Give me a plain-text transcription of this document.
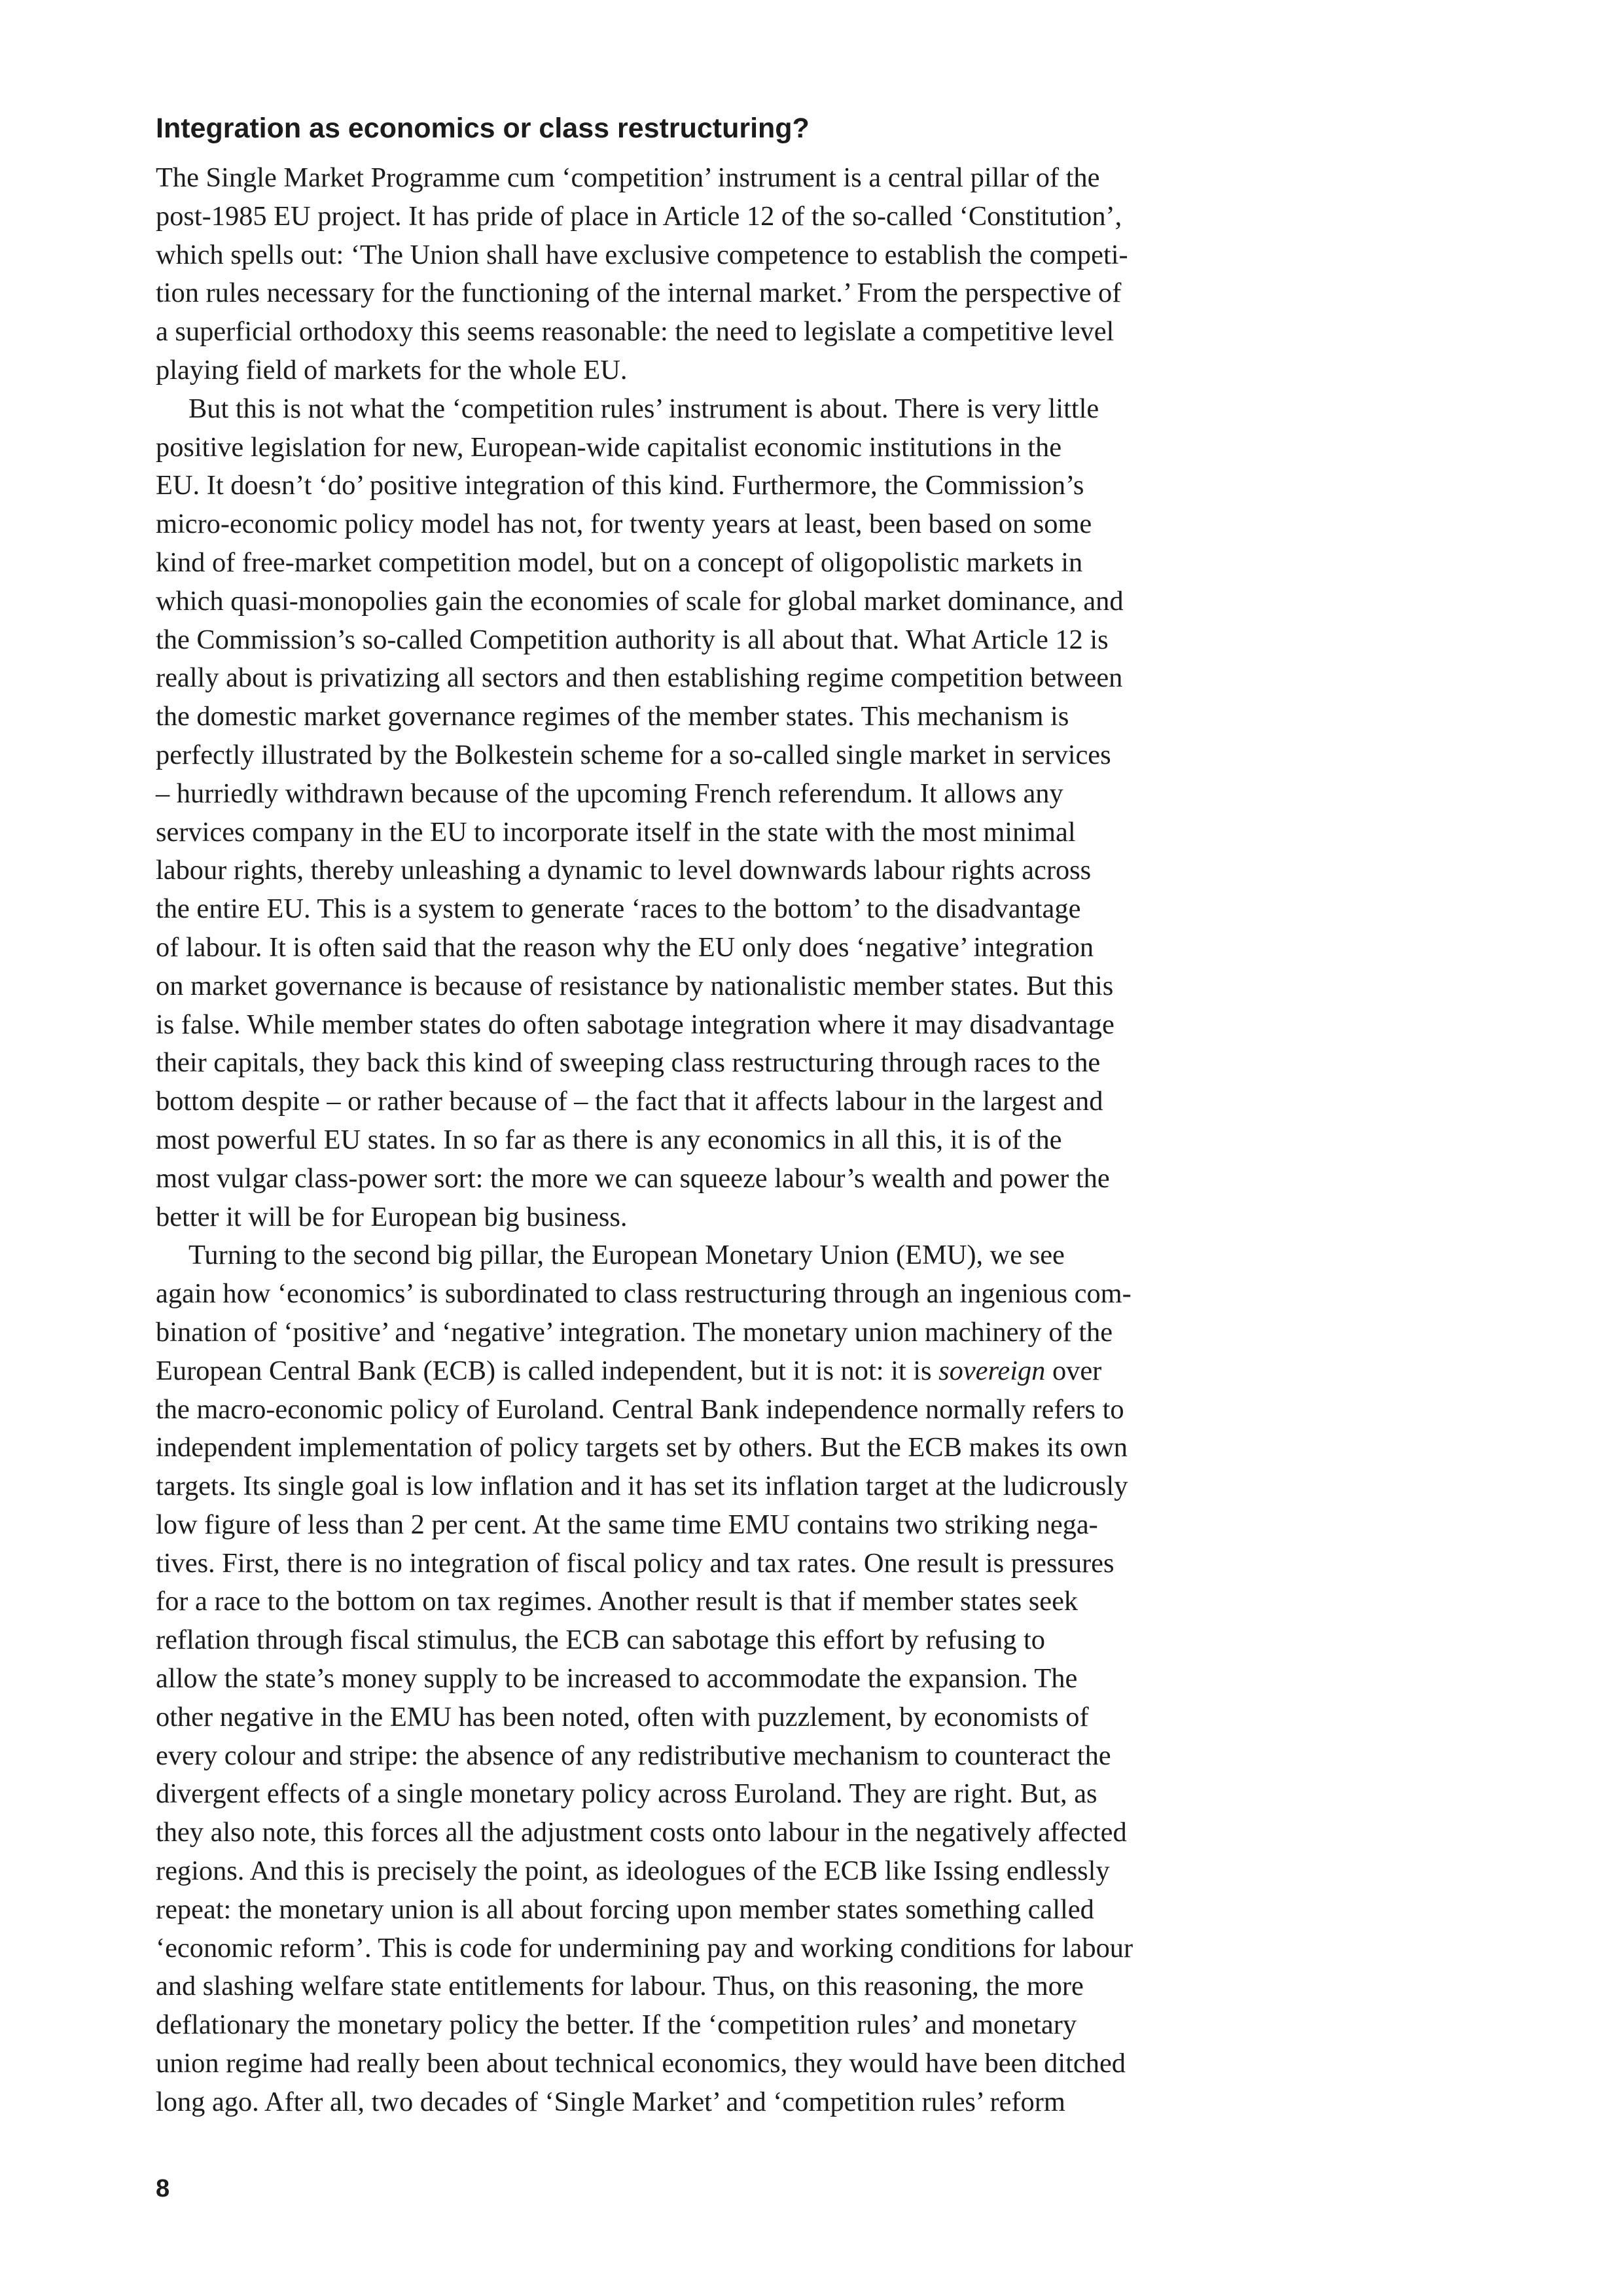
Integration as economics or class restructuring?
The Single Market Programme cum ‘competition’ instrument is a central pillar of the
post-1985 EU project. It has pride of place in Article 12 of the so-called ‘Constitution’,
which spells out: ‘The Union shall have exclusive competence to establish the competi-
tion rules necessary for the functioning of the internal market.’ From the perspective of
a superficial orthodoxy this seems reasonable: the need to legislate a competitive level
playing field of markets for the whole EU.
But this is not what the ‘competition rules’ instrument is about. There is very little
positive legislation for new, European-wide capitalist economic institutions in the
EU. It doesn’t ‘do’ positive integration of this kind. Furthermore, the Commission’s
micro-economic policy model has not, for twenty years at least, been based on some
kind of free-market competition model, but on a concept of oligopolistic markets in
which quasi-monopolies gain the economies of scale for global market dominance, and
the Commission’s so-called Competition authority is all about that. What Article 12 is
really about is privatizing all sectors and then establishing regime competition between
the domestic market governance regimes of the member states. This mechanism is
perfectly illustrated by the Bolkestein scheme for a so-called single market in services
– hurriedly withdrawn because of the upcoming French referendum. It allows any
services company in the EU to incorporate itself in the state with the most minimal
labour rights, thereby unleashing a dynamic to level downwards labour rights across
the entire EU. This is a system to generate ‘races to the bottom’ to the disadvantage
of labour. It is often said that the reason why the EU only does ‘negative’ integration
on market governance is because of resistance by nationalistic member states. But this
is false. While member states do often sabotage integration where it may disadvantage
their capitals, they back this kind of sweeping class restructuring through races to the
bottom despite – or rather because of – the fact that it affects labour in the largest and
most powerful EU states. In so far as there is any economics in all this, it is of the
most vulgar class-power sort: the more we can squeeze labour’s wealth and power the
better it will be for European big business.
Turning to the second big pillar, the European Monetary Union (EMU), we see
again how ‘economics’ is subordinated to class restructuring through an ingenious com-
bination of ‘positive’ and ‘negative’ integration. The monetary union machinery of the
European Central Bank (ECB) is called independent, but it is not: it is sovereign over
the macro-economic policy of Euroland. Central Bank independence normally refers to
independent implementation of policy targets set by others. But the ECB makes its own
targets. Its single goal is low inflation and it has set its inflation target at the ludicrously
low figure of less than 2 per cent. At the same time EMU contains two striking nega-
tives. First, there is no integration of fiscal policy and tax rates. One result is pressures
for a race to the bottom on tax regimes. Another result is that if member states seek
reflation through fiscal stimulus, the ECB can sabotage this effort by refusing to
allow the state’s money supply to be increased to accommodate the expansion. The
other negative in the EMU has been noted, often with puzzlement, by economists of
every colour and stripe: the absence of any redistributive mechanism to counteract the
divergent effects of a single monetary policy across Euroland. They are right. But, as
they also note, this forces all the adjustment costs onto labour in the negatively affected
regions. And this is precisely the point, as ideologues of the ECB like Issing endlessly
repeat: the monetary union is all about forcing upon member states something called
‘economic reform’. This is code for undermining pay and working conditions for labour
and slashing welfare state entitlements for labour. Thus, on this reasoning, the more
deflationary the monetary policy the better. If the ‘competition rules’ and monetary
union regime had really been about technical economics, they would have been ditched
long ago. After all, two decades of ‘Single Market’ and ‘competition rules’ reform
8
